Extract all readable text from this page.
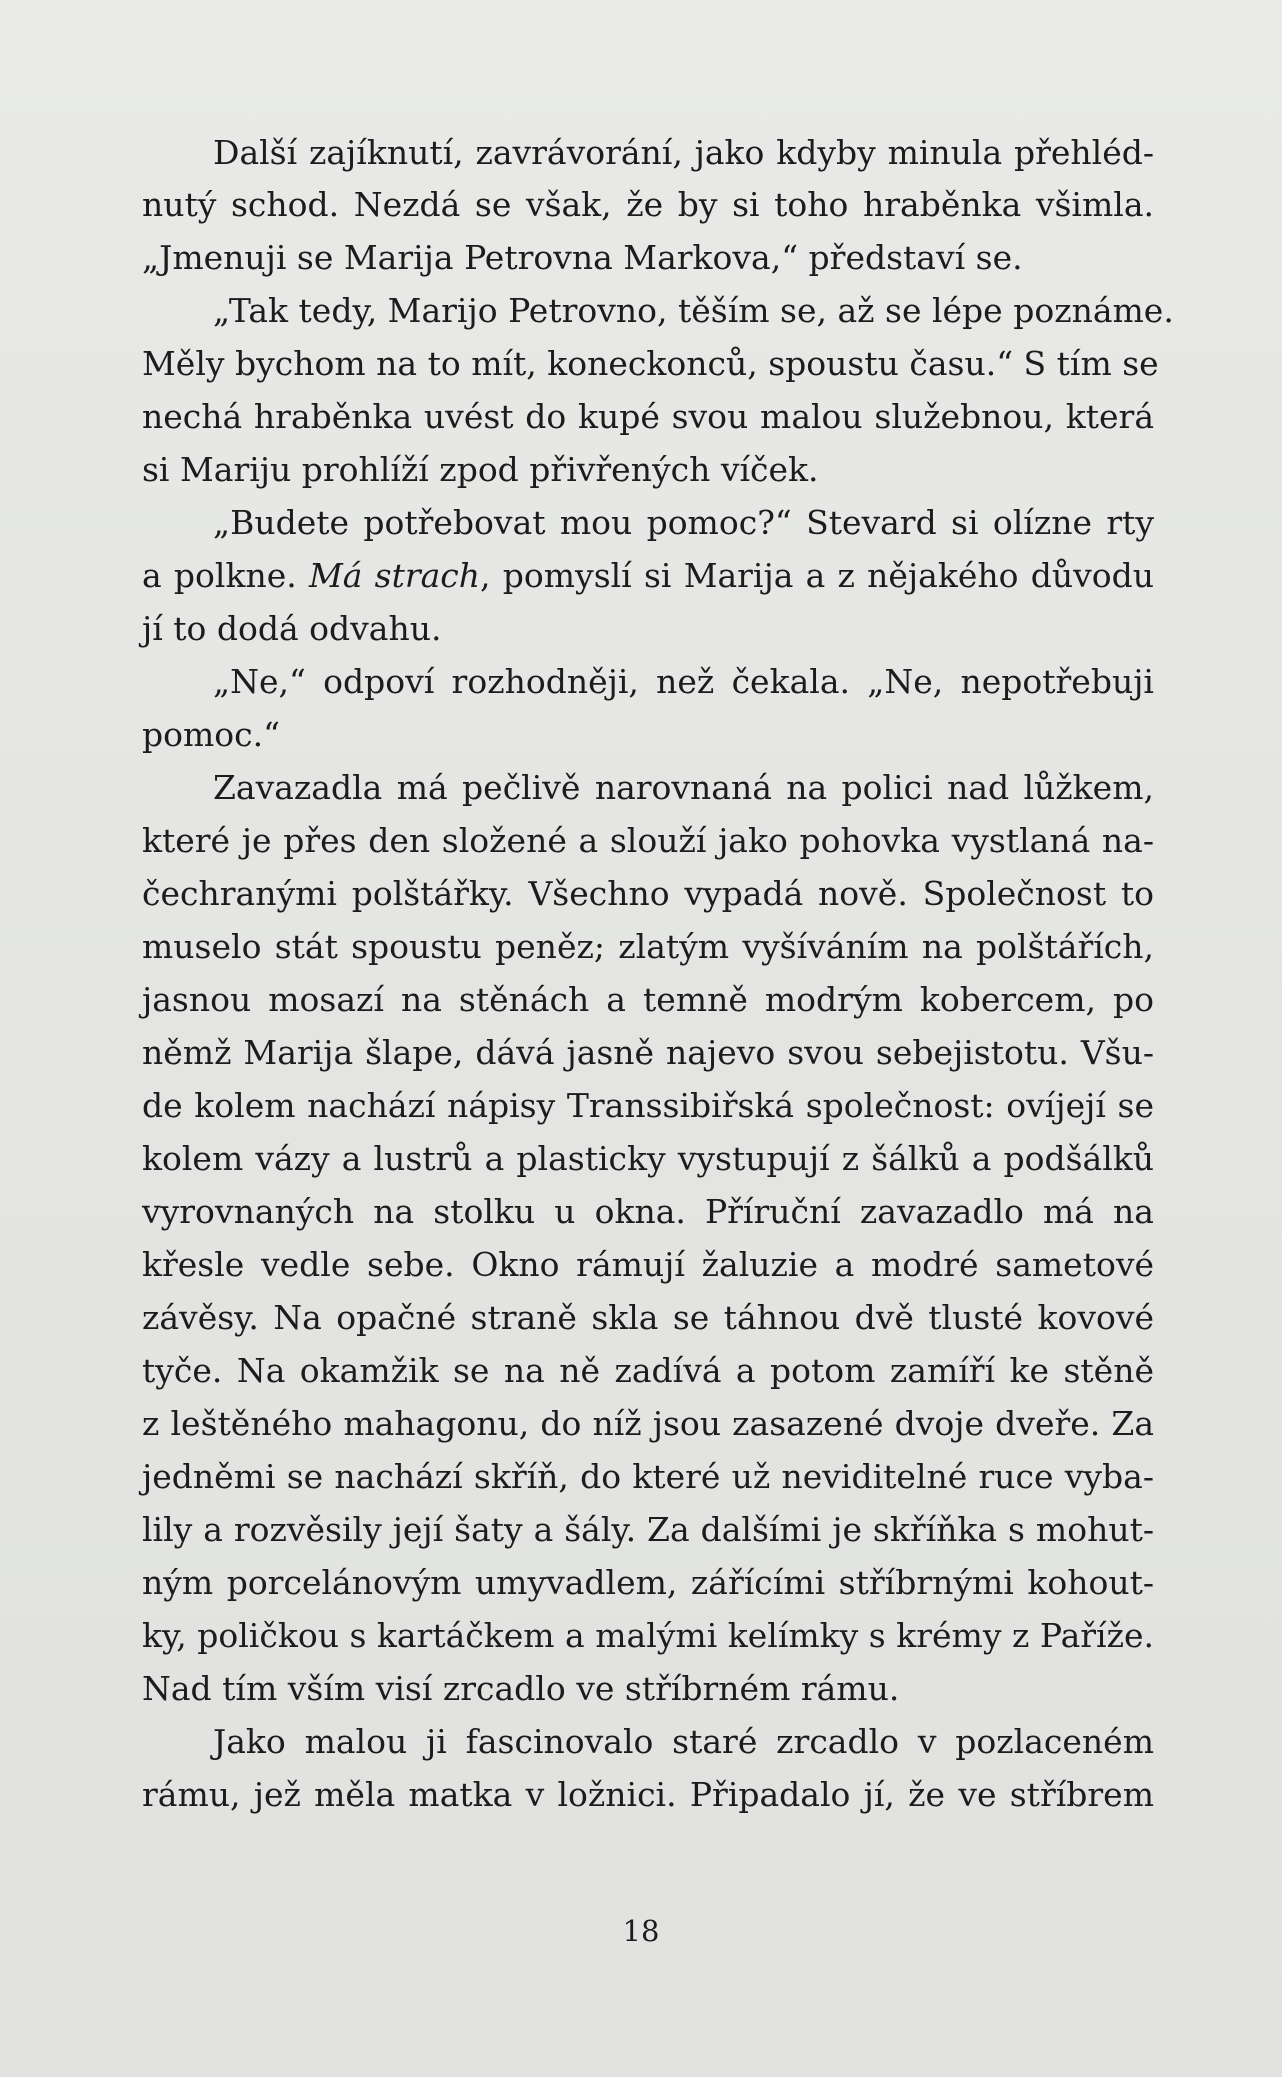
Další zajíknutí, zavrávorání, jako kdyby minula přehléd-
nutý schod. Nezdá se však, že by si toho hraběnka všimla.
„Jmenuji se Marija Petrovna Markova,“ představí se.
„Tak tedy, Marijo Petrovno, těším se, až se lépe poznáme.
Měly bychom na to mít, koneckonců, spoustu času.“ S tím se
nechá hraběnka uvést do kupé svou malou služebnou, která
si Mariju prohlíží zpod přivřených víček.
„Budete potřebovat mou pomoc?“ Stevard si olízne rty
a polkne. Má strach, pomyslí si Marija a z nějakého důvodu
jí to dodá odvahu.
„Ne,“ odpoví rozhodněji, než čekala. „Ne, nepotřebuji
pomoc.“
Zavazadla má pečlivě narovnaná na polici nad lůžkem,
které je přes den složené a slouží jako pohovka vystlaná na-
čechranými polštářky. Všechno vypadá nově. Společnost to
muselo stát spoustu peněz; zlatým vyšíváním na polštářích,
jasnou mosazí na stěnách a temně modrým kobercem, po
němž Marija šlape, dává jasně najevo svou sebejistotu. Všu-
de kolem nachází nápisy Transsibiřská společnost: ovíjejí se
kolem vázy a lustrů a plasticky vystupují z šálků a podšálků
vyrovnaných na stolku u okna. Příruční zavazadlo má na
křesle vedle sebe. Okno rámují žaluzie a modré sametové
závěsy. Na opačné straně skla se táhnou dvě tlusté kovové
tyče. Na okamžik se na ně zadívá a potom zamíří ke stěně
z leštěného mahagonu, do níž jsou zasazené dvoje dveře. Za
jedněmi se nachází skříň, do které už neviditelné ruce vyba-
lily a rozvěsily její šaty a šály. Za dalšími je skříňka s mohut-
ným porcelánovým umyvadlem, zářícími stříbrnými kohout-
ky, poličkou s kartáčkem a malými kelímky s krémy z Paříže.
Nad tím vším visí zrcadlo ve stříbrném rámu.
Jako malou ji fascinovalo staré zrcadlo v pozlaceném
rámu, jež měla matka v ložnici. Připadalo jí, že ve stříbrem
18
